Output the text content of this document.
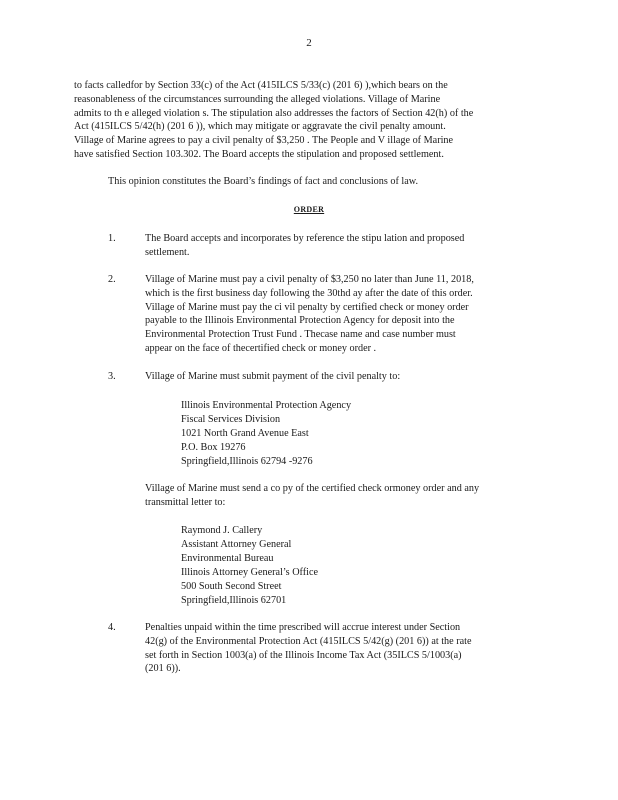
2
to facts calledfor by Section 33(c) of the Act (415ILCS 5/33(c) (201 6) ),which bears on the
reasonableness of the circumstances surrounding the alleged violations. Village of Marine
admits to th e alleged violation s. The stipulation also addresses the factors of Section 42(h) of the
Act (415ILCS 5/42(h) (201 6 )), which may mitigate or aggravate the civil penalty amount.
Village of Marine agrees to pay a civil penalty of $3,250 . The People and V illage of Marine
have satisfied Section 103.302. The Board accepts the stipulation and proposed settlement.
This opinion constitutes the Board’s findings of fact and conclusions of law.
ORDER
1.	The Board accepts and incorporates by reference the stipu lation and proposed
settlement.
2.	Village of Marine must pay a civil penalty of $3,250 no later than June 11, 2018,
which is the first business day following the 30thd ay after the date of this order.
Village of Marine must pay the ci vil penalty by certified check or money order
payable to the Illinois Environmental Protection Agency for deposit into the
Environmental Protection Trust Fund . Thecase name and case number must
appear on the face of thecertified check or money order .
3.	Village of Marine must submit payment of the civil penalty to:
Illinois Environmental Protection Agency
Fiscal Services Division
1021 North Grand Avenue East
P.O. Box 19276
Springfield,Illinois 62794 -9276
Village of Marine must send a co py of the certified check ormoney order and any
transmittal letter to:
Raymond J. Callery
Assistant Attorney General
Environmental Bureau
Illinois Attorney General’s Office
500 South Second Street
Springfield,Illinois 62701
4.	Penalties unpaid within the time prescribed will accrue interest under Section
42(g) of the Environmental Protection Act (415ILCS 5/42(g) (201 6)) at the rate
set forth in Section 1003(a) of the Illinois Income Tax Act (35ILCS 5/1003(a)
(201 6)).
